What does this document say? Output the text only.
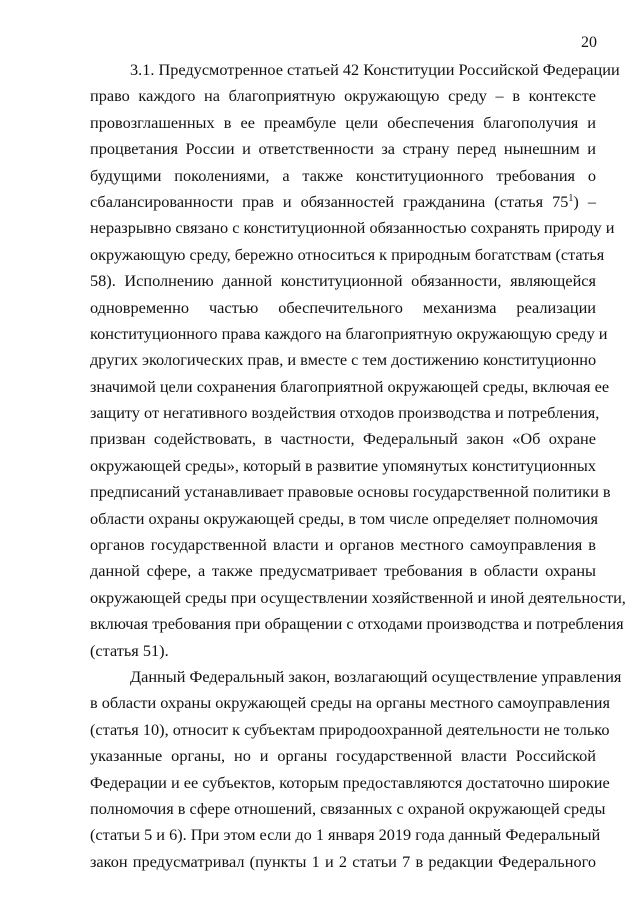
20
3.1. Предусмотренное статьей 42 Конституции Российской Федерации
право каждого на благоприятную окружающую среду – в контексте
провозглашенных в ее преамбуле цели обеспечения благополучия и
процветания России и ответственности за страну перед нынешним и
будущими поколениями, а также конституционного требования о
сбалансированности прав и обязанностей гражданина (статья $75^1$) –
неразрывно связано с конституционной обязанностью сохранять природу и
окружающую среду, бережно относиться к природным богатствам (статья
58). Исполнению данной конституционной обязанности, являющейся
одновременно частью обеспечительного механизма реализации
конституционного права каждого на благоприятную окружающую среду и
других экологических прав, и вместе с тем достижению конституционно
значимой цели сохранения благоприятной окружающей среды, включая ее
защиту от негативного воздействия отходов производства и потребления,
призван содействовать, в частности, Федеральный закон «Об охране
окружающей среды», который в развитие упомянутых конституционных
предписаний устанавливает правовые основы государственной политики в
области охраны окружающей среды, в том числе определяет полномочия
органов государственной власти и органов местного самоуправления в
данной сфере, а также предусматривает требования в области охраны
окружающей среды при осуществлении хозяйственной и иной деятельности,
включая требования при обращении с отходами производства и потребления
(статья 51).
Данный Федеральный закон, возлагающий осуществление управления
в области охраны окружающей среды на органы местного самоуправления
(статья 10), относит к субъектам природоохранной деятельности не только
указанные органы, но и органы государственной власти Российской
Федерации и ее субъектов, которым предоставляются достаточно широкие
полномочия в сфере отношений, связанных с охраной окружающей среды
(статьи 5 и 6). При этом если до 1 января 2019 года данный Федеральный
закон предусматривал (пункты 1 и 2 статьи 7 в редакции Федерального
